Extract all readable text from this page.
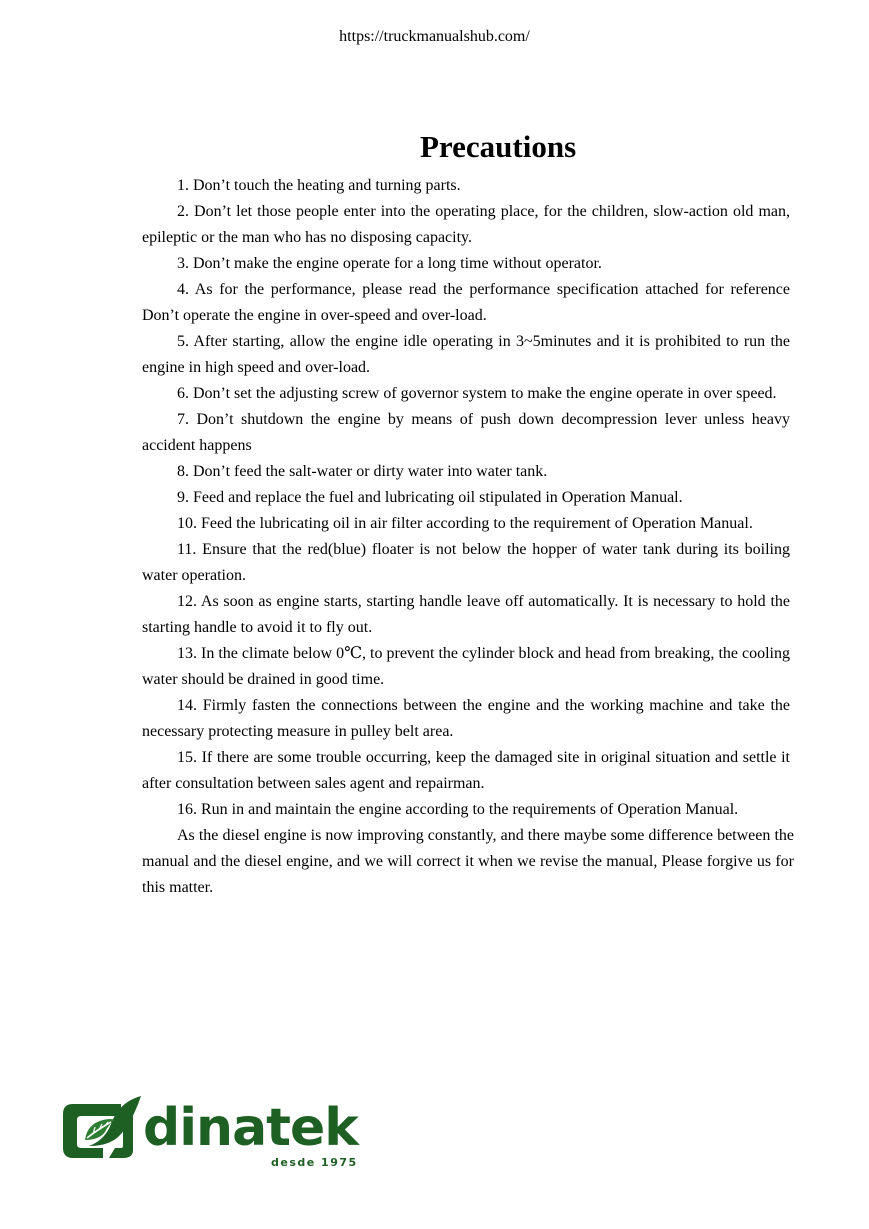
https://truckmanualshub.com/
Precautions

1. Don’t touch the heating and turning parts.

2. Don’t let those people enter into the operating place, for the children, slow-action old man, epileptic or the man who has no disposing capacity.

3. Don’t make the engine operate for a long time without operator.

4. As for the performance, please read the performance specification attached for reference Don’t operate the engine in over-speed and over-load.

5. After starting, allow the engine idle operating in 3~5minutes and it is prohibited to run the engine in high speed and over-load.

6. Don’t set the adjusting screw of governor system to make the engine operate in over speed.

7. Don’t shutdown the engine by means of push down decompression lever unless heavy accident happens

8. Don’t feed the salt-water or dirty water into water tank.

9. Feed and replace the fuel and lubricating oil stipulated in Operation Manual.

10. Feed the lubricating oil in air filter according to the requirement of Operation Manual.

11. Ensure that the red(blue) floater is not below the hopper of water tank during its boiling water operation.

12. As soon as engine starts, starting handle leave off automatically. It is necessary to hold the starting handle to avoid it to fly out.

13. In the climate below 0℃, to prevent the cylinder block and head from breaking, the cooling water should be drained in good time.

14. Firmly fasten the connections between the engine and the working machine and take the necessary protecting measure in pulley belt area.

15. If there are some trouble occurring, keep the damaged site in original situation and settle it after consultation between sales agent and repairman.

16. Run in and maintain the engine according to the requirements of Operation Manual.

As the diesel engine is now improving constantly, and there maybe some difference between the manual and the diesel engine, and we will correct it when we revise the manual, Please forgive us for this matter.

dinatek
desde 1975
